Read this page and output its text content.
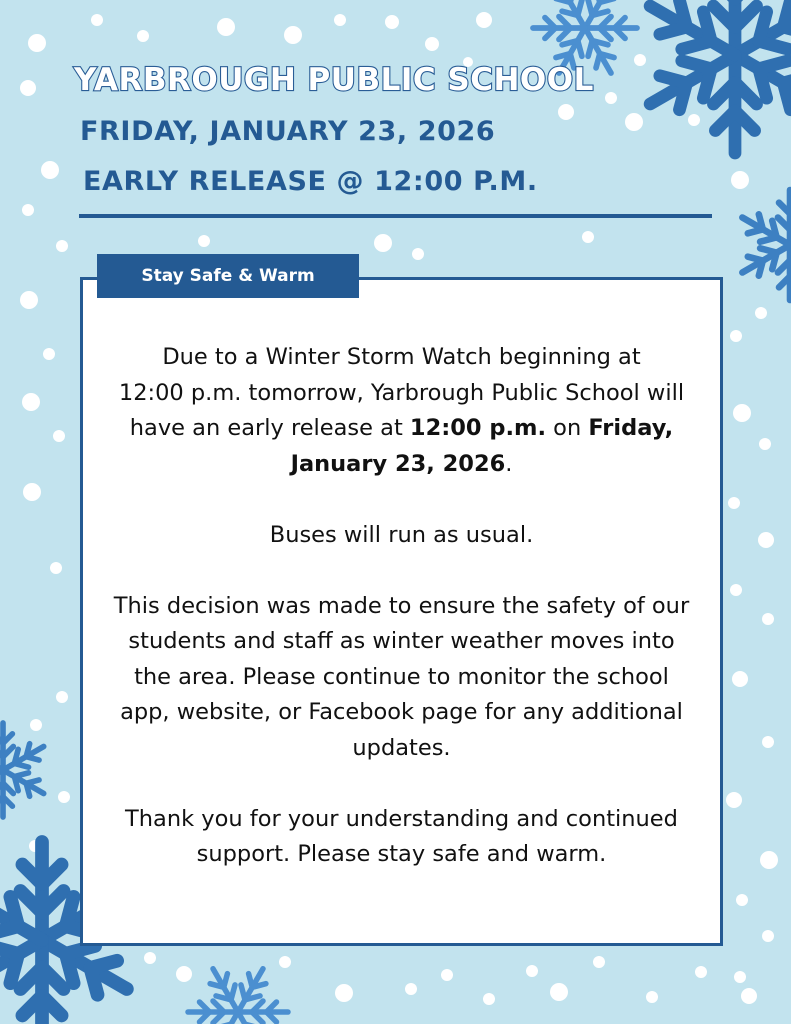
YARBROUGH PUBLIC SCHOOL
FRIDAY, JANUARY 23, 2026
EARLY RELEASE @ 12:00 P.M.
Stay Safe & Warm

Due to a Winter Storm Watch beginning at
12:00 p.m. tomorrow, Yarbrough Public School will
have an early release at 12:00 p.m. on Friday,
January 23, 2026.

Buses will run as usual.

This decision was made to ensure the safety of our
students and staff as winter weather moves into
the area. Please continue to monitor the school
app, website, or Facebook page for any additional
updates.

Thank you for your understanding and continued
support. Please stay safe and warm.
